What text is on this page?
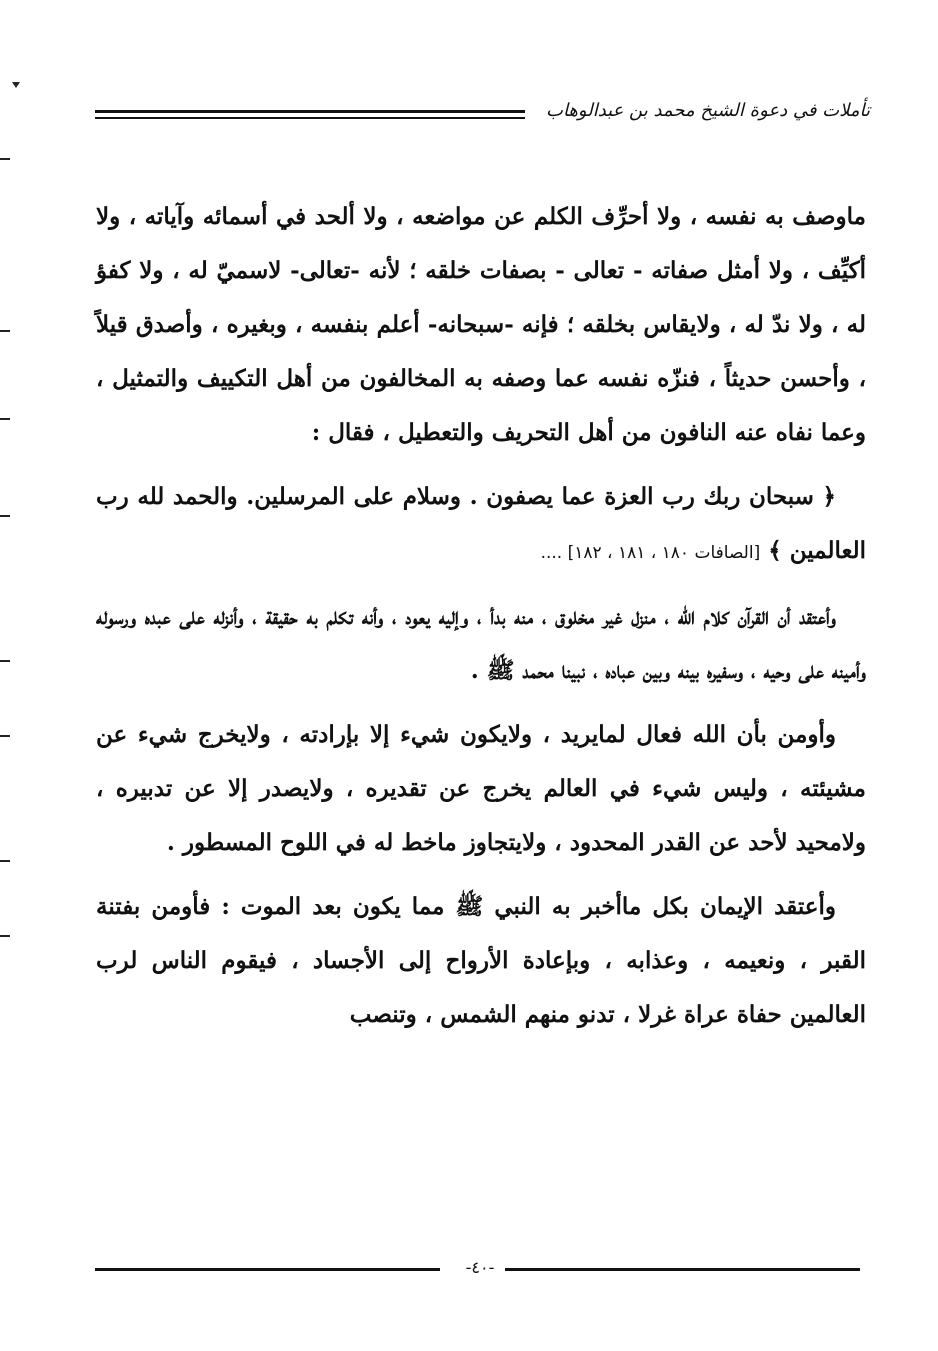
تأملات في دعوة الشيخ محمد بن عبدالوهاب

ماوصف به نفسه ، ولا أحرِّف الكلم عن مواضعه ، ولا ألحد في أسمائه وآياته ، ولا أكيِّف ، ولا أمثل صفاته - تعالى - بصفات خلقه ؛ لأنه -تعالى- لاسميّ له ، ولا كفؤ له ، ولا ندّ له ، ولايقاس بخلقه ؛ فإنه -سبحانه- أعلم بنفسه ، وبغيره ، وأصدق قيلاً ، وأحسن حديثاً ، فنزّه نفسه عما وصفه به المخالفون من أهل التكييف والتمثيل ، وعما نفاه عنه النافون من أهل التحريف والتعطيل ، فقال :

﴿ سبحان ربك رب العزة عما يصفون . وسلام على المرسلين. والحمد لله رب العالمين ﴾ [الصافات ١٨٠ ، ١٨١ ، ١٨٢] ....

وأعتقد أن القرآن كلام الله ، منزل غير مخلوق ، منه بدأ ، وإليه يعود ، وأنه تكلم به حقيقة ، وأنزله على عبده ورسوله وأمينه على وحيه ، وسفيره بينه وبين عباده ، نبينا محمد ﷺ .

وأومن بأن الله فعال لمايريد ، ولايكون شيء إلا بإرادته ، ولايخرج شيء عن مشيئته ، وليس شيء في العالم يخرج عن تقديره ، ولايصدر إلا عن تدبيره ، ولامحيد لأحد عن القدر المحدود ، ولايتجاوز ماخط له في اللوح المسطور .

وأعتقد الإيمان بكل ماأخبر به النبي ﷺ مما يكون بعد الموت : فأومن بفتنة القبر ، ونعيمه ، وعذابه ، وبإعادة الأرواح إلى الأجساد ، فيقوم الناس لرب العالمين حفاة عراة غرلا ، تدنو منهم الشمس ، وتنصب

-٤٠-
